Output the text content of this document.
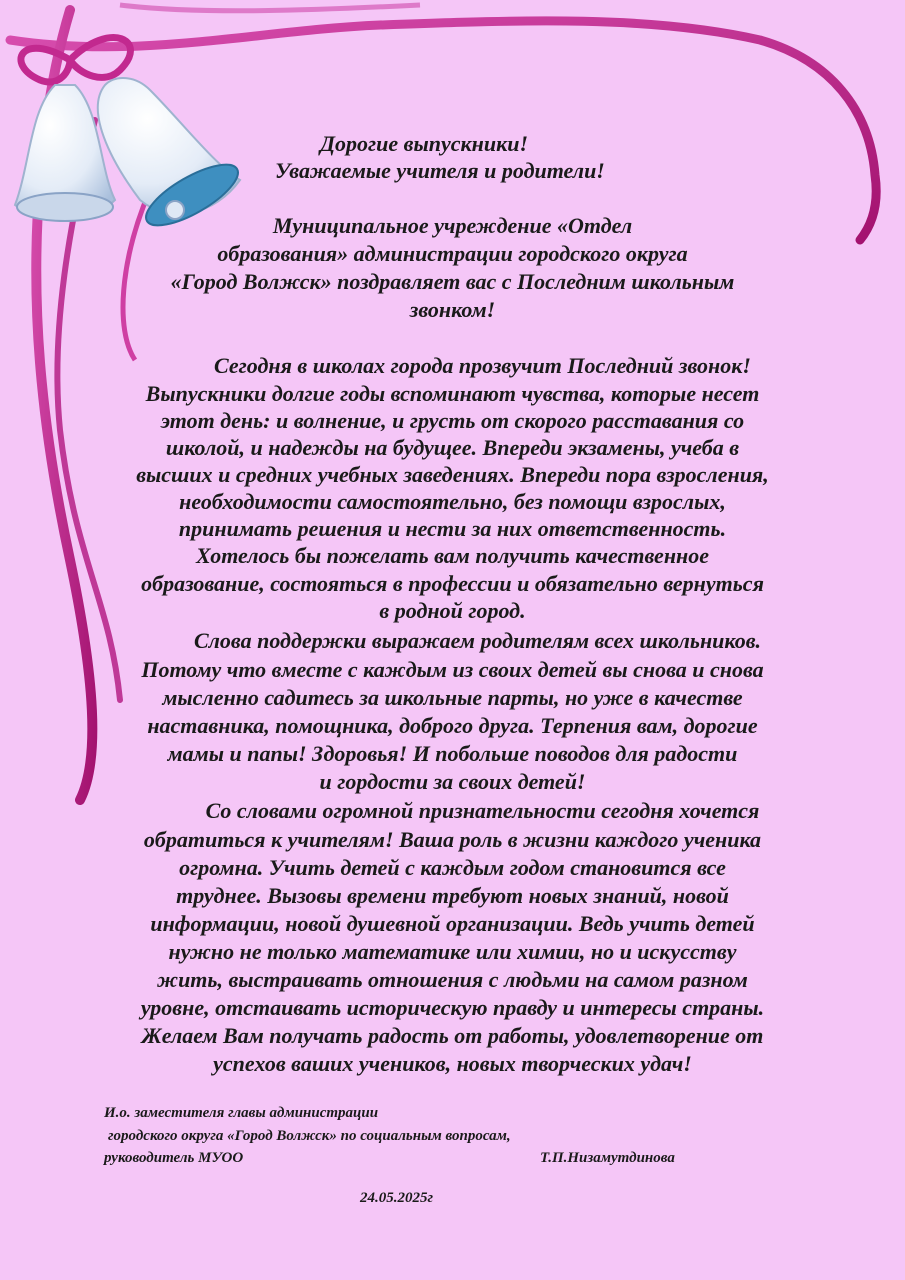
Дорогие выпускники!
Уважаемые учителя и родители!
Муниципальное учреждение «Отдел
образования» администрации городского округа
«Город Волжск» поздравляет вас с Последним школьным
звонком!
Сегодня в школах города прозвучит Последний звонок!
Выпускники долгие годы вспоминают чувства, которые несет
этот день: и волнение, и грусть от скорого расставания со
школой, и надежды на будущее. Впереди экзамены, учеба в
высших и средних учебных заведениях. Впереди пора взросления,
необходимости самостоятельно, без помощи взрослых,
принимать решения и нести за них ответственность.
Хотелось бы пожелать вам получить качественное
образование, состояться в профессии и обязательно вернуться
в родной город.
Слова поддержки выражаем родителям всех школьников.
Потому что вместе с каждым из своих детей вы снова и снова
мысленно садитесь за школьные парты, но уже в качестве
наставника, помощника, доброго друга. Терпения вам, дорогие
мамы и папы! Здоровья! И побольше поводов для радости
и гордости за своих детей!
Со словами огромной признательности сегодня хочется
обратиться к учителям! Ваша роль в жизни каждого ученика
огромна. Учить детей с каждым годом становится все
труднее. Вызовы времени требуют новых знаний, новой
информации, новой душевной организации. Ведь учить детей
нужно не только математике или химии, но и искусству
жить, выстраивать отношения с людьми на самом разном
уровне, отстаивать историческую правду и интересы страны.
Желаем Вам получать радость от работы, удовлетворение от
успехов ваших учеников, новых творческих удач!
И.о. заместителя главы администрации
городского округа «Город Волжск» по социальным вопросам,
руководитель МУОО	Т.П.Низамутдинова
24.05.2025г
